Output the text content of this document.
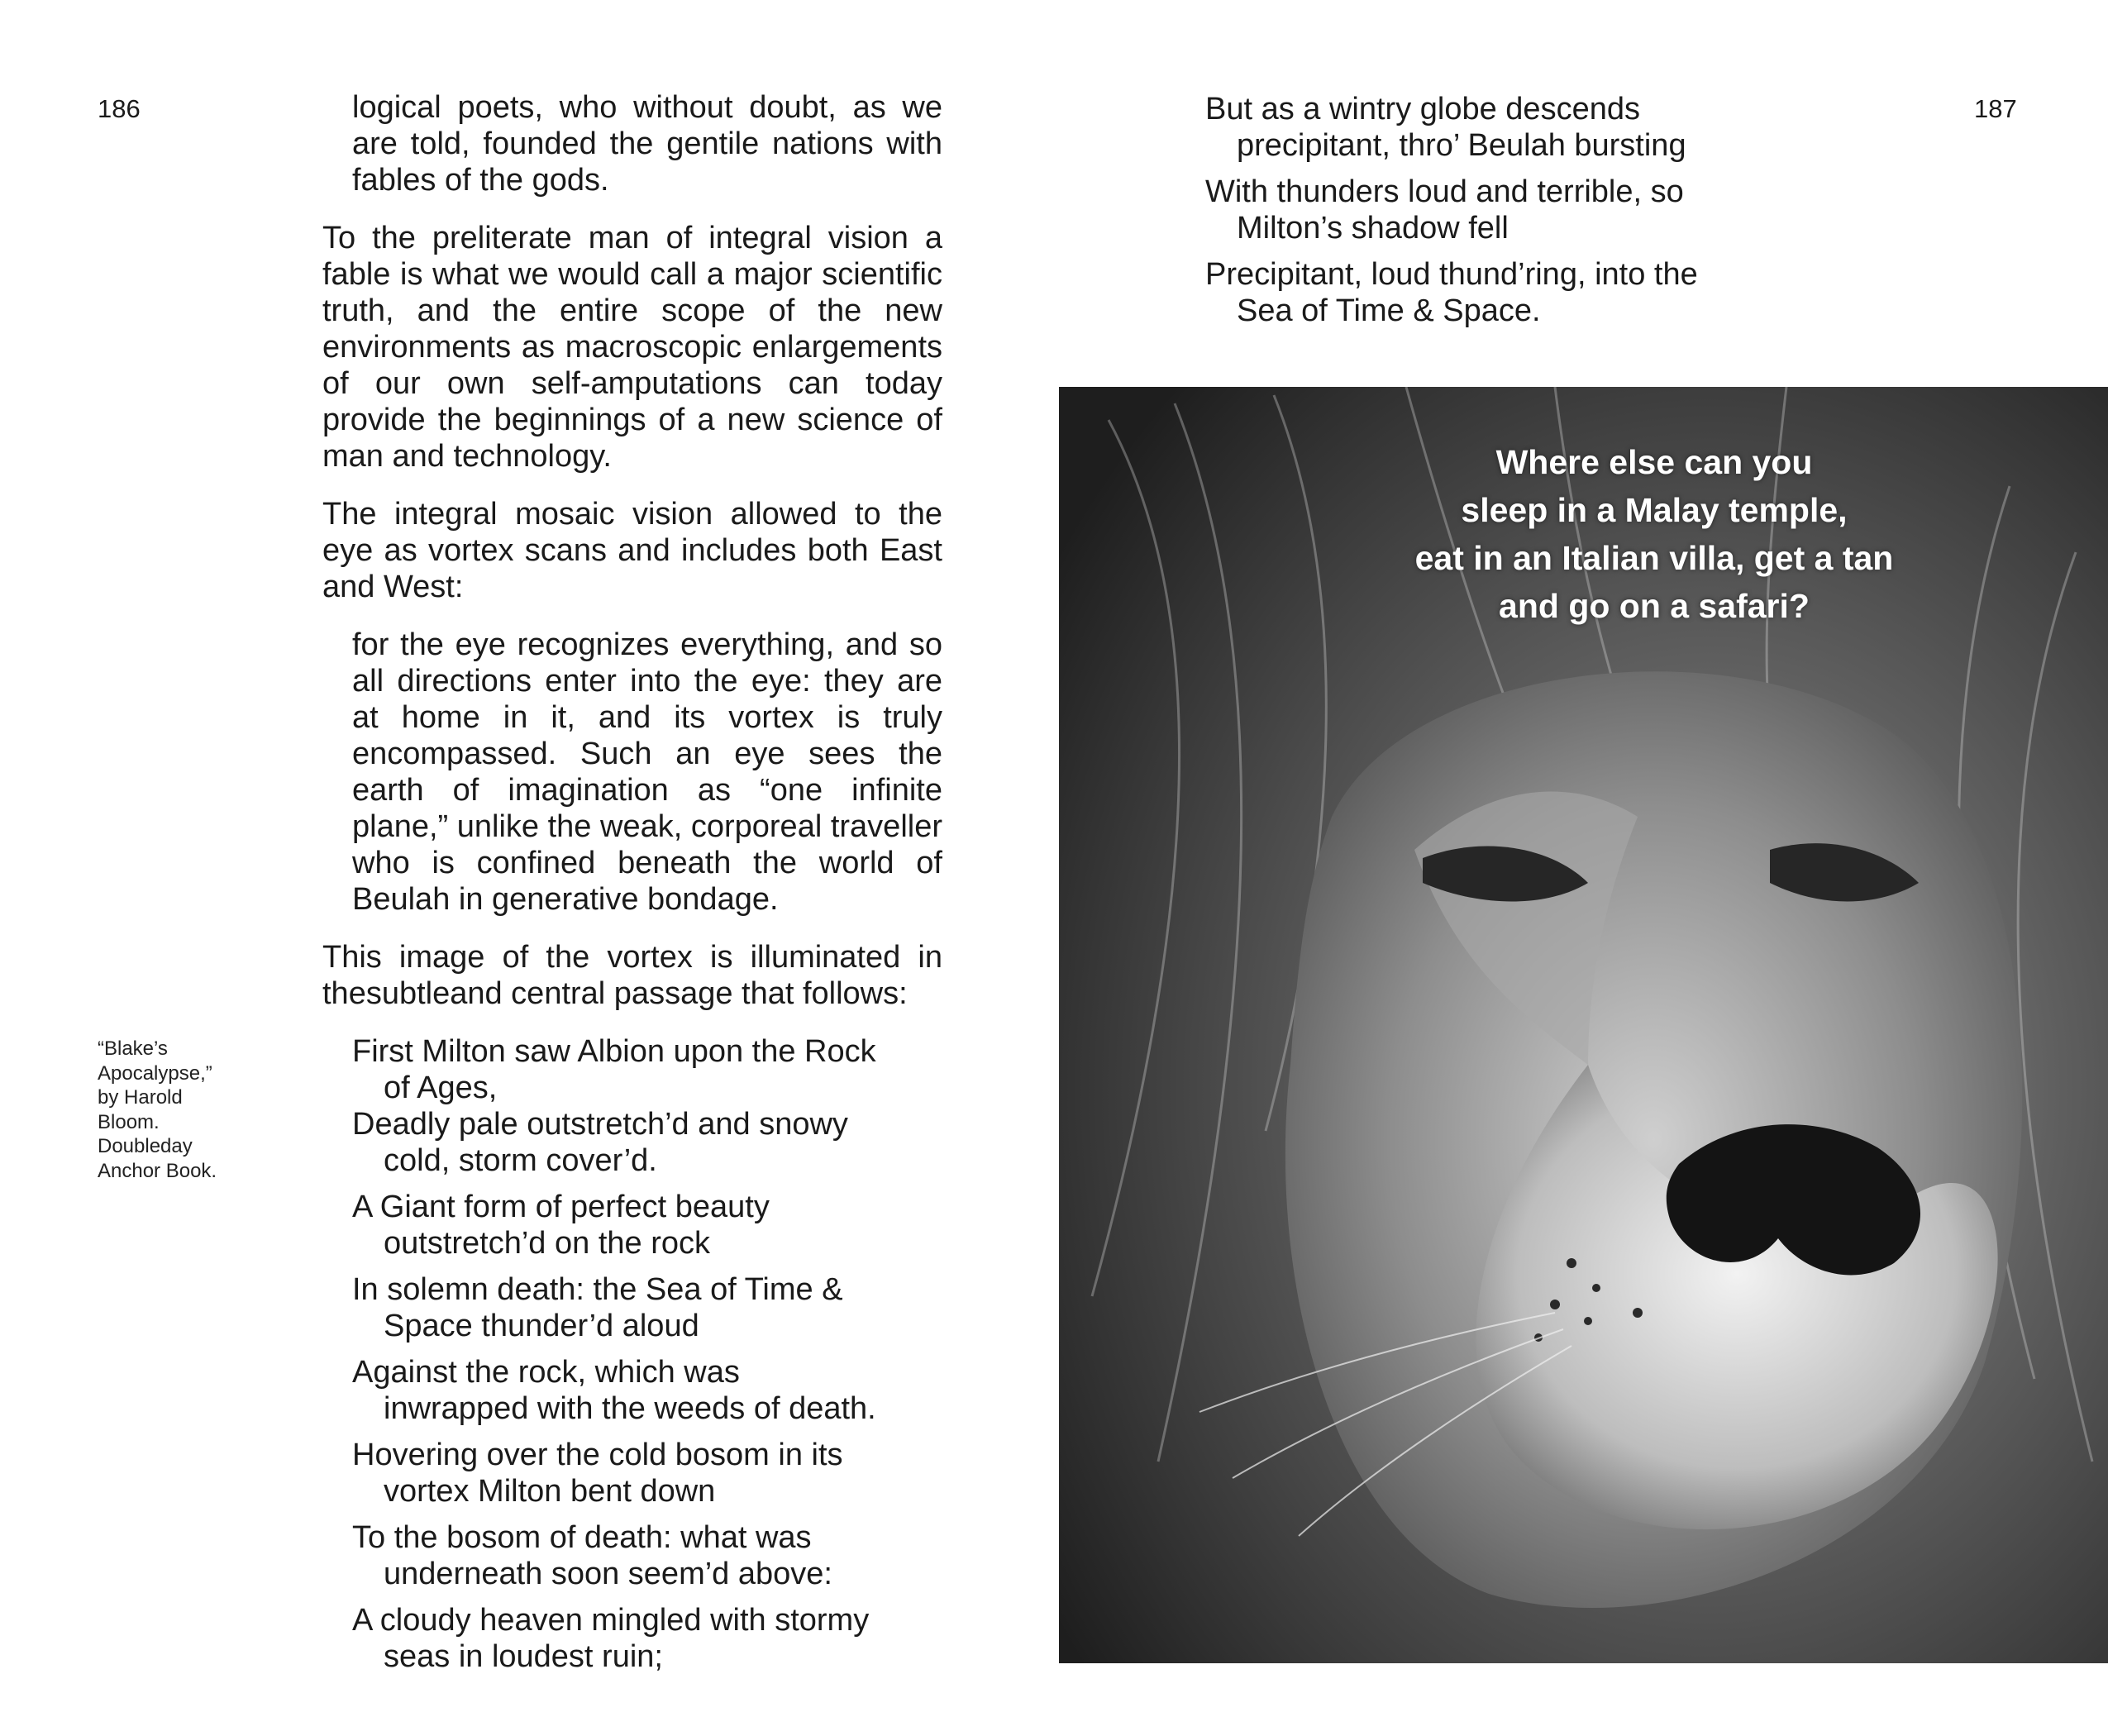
186	187
“Blake’s
Apocalypse,”
by Harold
Bloom.
Doubleday
Anchor Book.

logical poets, who without doubt, as we are told, founded the gentile nations with fables of the gods.

To the preliterate man of integral vision a fable is what we would call a major scientific truth, and the entire scope of the new environments as macroscopic enlargements of our own self-amputations can today provide the beginnings of a new science of man and technology.

The integral mosaic vision allowed to the eye as vortex scans and includes both East and West:

for the eye recognizes everything, and so all directions enter into the eye: they are at home in it, and its vortex is truly encompassed. Such an eye sees the earth of imagination as “one infinite plane,” unlike the weak, corporeal traveller who is confined beneath the world of Beulah in generative bondage.

This image of the vortex is illuminated in thesubtleand central passage that follows:

First Milton saw Albion upon the Rock
of Ages,
Deadly pale outstretch’d and snowy
cold, storm cover’d.
A Giant form of perfect beauty
outstretch’d on the rock
In solemn death: the Sea of Time &
Space thunder’d aloud
Against the rock, which was
inwrapped with the weeds of death.
Hovering over the cold bosom in its
vortex Milton bent down
To the bosom of death: what was
underneath soon seem’d above:
A cloudy heaven mingled with stormy
seas in loudest ruin;
But as a wintry globe descends
precipitant, thro’ Beulah bursting
With thunders loud and terrible, so
Milton’s shadow fell
Precipitant, loud thund’ring, into the
Sea of Time & Space.
Where else can you
sleep in a Malay temple,
eat in an Italian villa, get a tan
and go on a safari?
